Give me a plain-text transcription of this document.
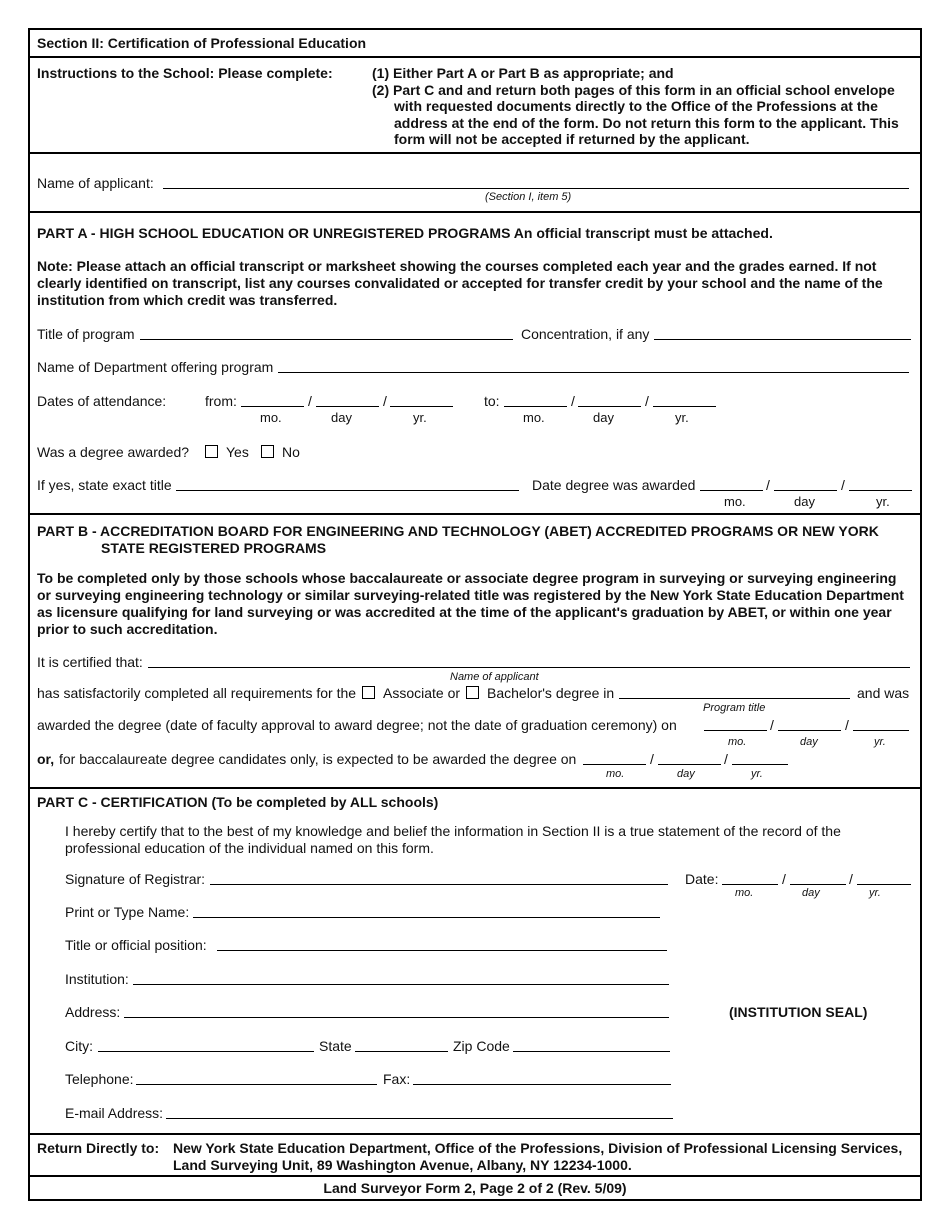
Section II: Certification of Professional Education
Instructions to the School: Please complete:	(1) Either Part A or Part B as appropriate; and
(2) Part C and and return both pages of this form in an official school envelope
with requested documents directly to the Office of the Professions at the
address at the end of the form. Do not return this form to the applicant. This
form will not be accepted if returned by the applicant.
Name of applicant:
(Section I, item 5)
PART A - HIGH SCHOOL EDUCATION OR UNREGISTERED PROGRAMS An official transcript must be attached.
Note: Please attach an official transcript or marksheet showing the courses completed each year and the grades earned. If not clearly identified on transcript, list any courses convalidated or accepted for transfer credit by your school and the name of the institution from which credit was transferred.
Title of program	Concentration, if any
Name of Department offering program
Dates of attendance:	from:	/	/
mo.	day	yr.
to:	/	/
mo.	day	yr.
Was a degree awarded?	Yes No
If yes, state exact title	Date degree was awarded	/	/
mo.	day	yr.
PART B - ACCREDITATION BOARD FOR ENGINEERING AND TECHNOLOGY (ABET) ACCREDITED PROGRAMS OR NEW YORK
STATE REGISTERED PROGRAMS
To be completed only by those schools whose baccalaureate or associate degree program in surveying or surveying engineering or surveying engineering technology or similar surveying-related title was registered by the New York State Education Department as licensure qualifying for land surveying or was accredited at the time of the applicant's graduation by ABET, or within one year prior to such accreditation.
It is certified that:
Name of applicant
has satisfactorily completed all requirements for the Associate or Bachelor's degree in	and was
Program title
awarded the degree (date of faculty approval to award degree; not the date of graduation ceremony) on	/	/
mo.	day	yr.
or, for baccalaureate degree candidates only, is expected to be awarded the degree on	/	/
mo.	day	yr.
PART C - CERTIFICATION (To be completed by ALL schools)
I hereby certify that to the best of my knowledge and belief the information in Section II is a true statement of the record of the professional education of the individual named on this form.
Signature of Registrar:	Date:	/	/
mo.	day	yr.
Print or Type Name:
Title or official position:
Institution:
Address:	(INSTITUTION SEAL)
City:	State	Zip Code
Telephone:	Fax:
E-mail Address:
Return Directly to: New York State Education Department, Office of the Professions, Division of Professional Licensing Services,
Land Surveying Unit, 89 Washington Avenue, Albany, NY 12234-1000.
Land Surveyor Form 2, Page 2 of 2 (Rev. 5/09)
